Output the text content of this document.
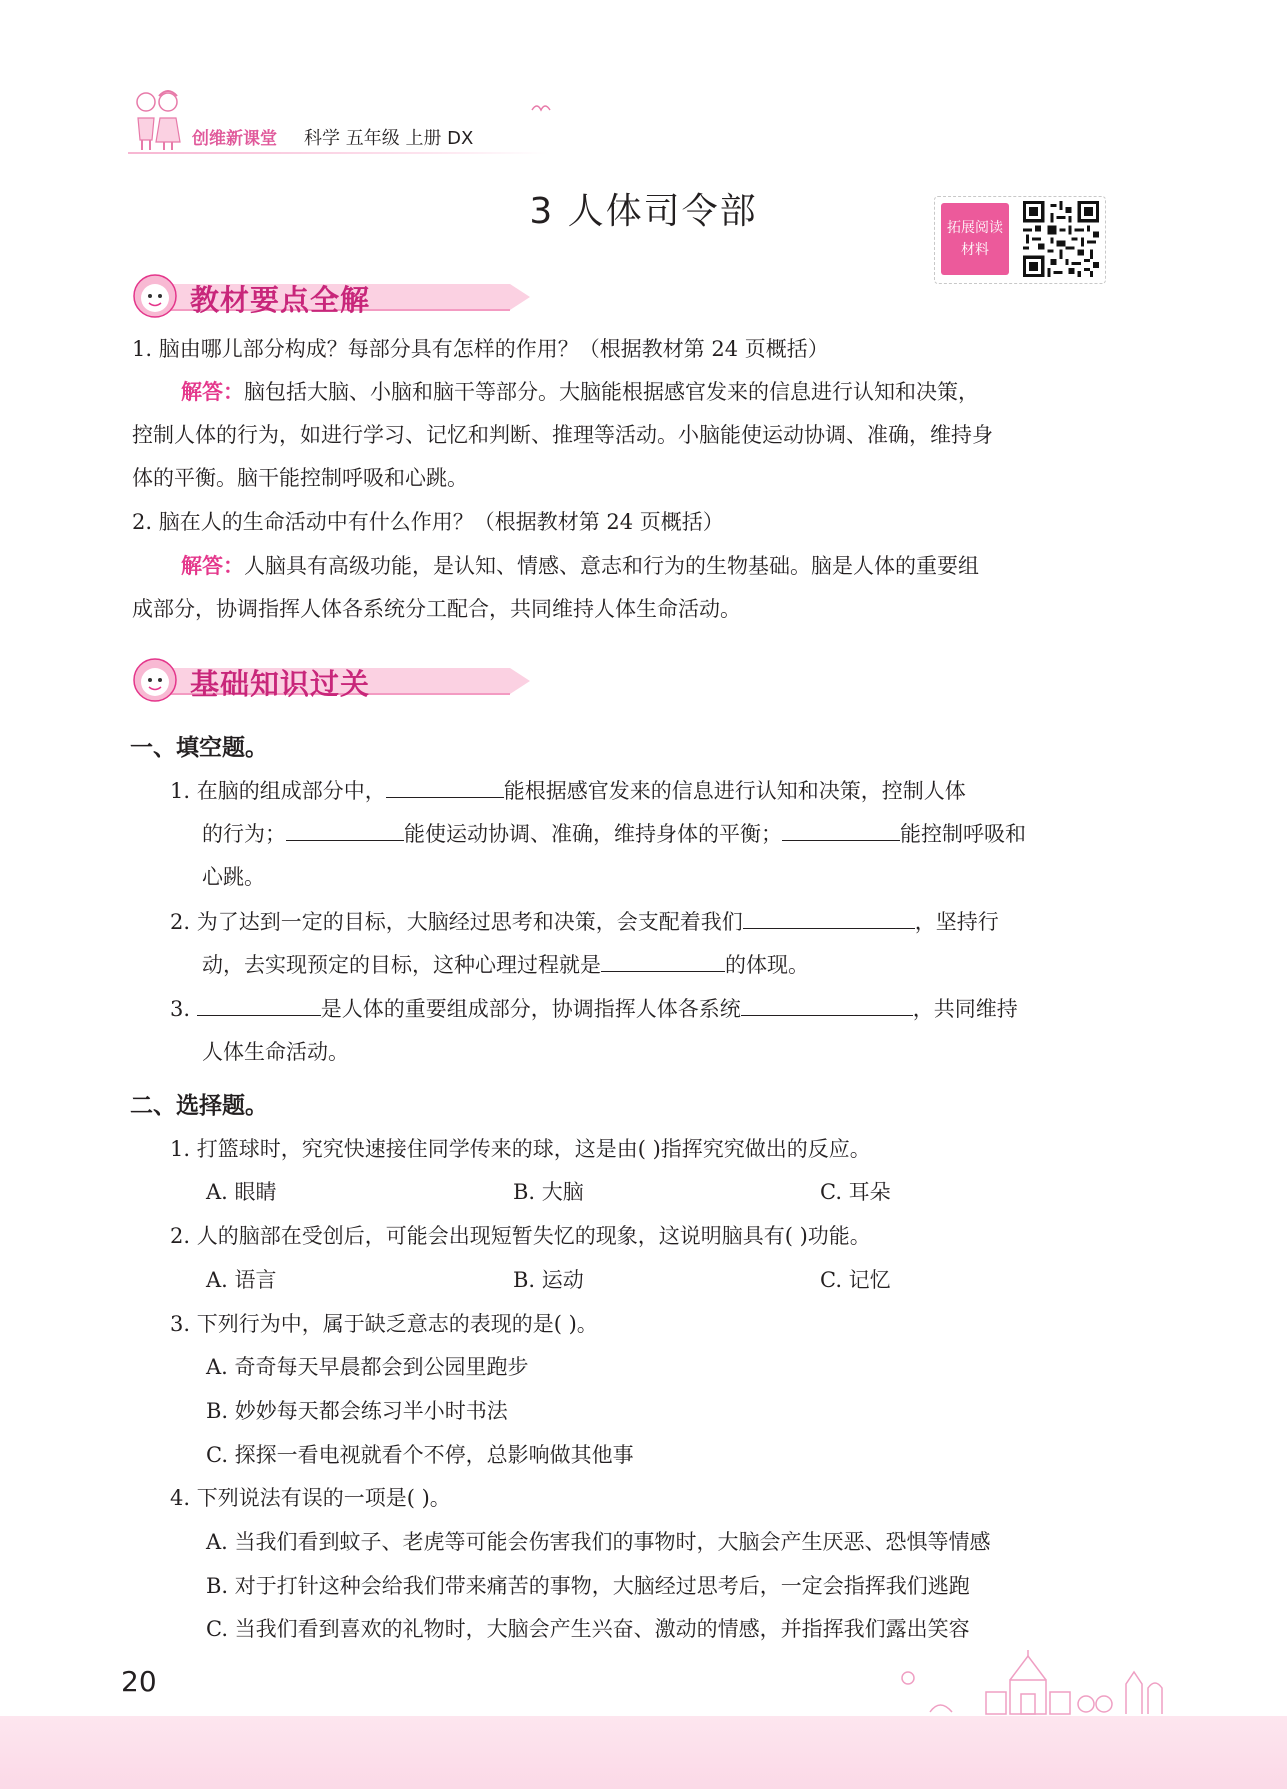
创维新课堂 科学 五年级 上册 DX
3 人体司令部	拓展阅读
材料
教材要点全解
1. 脑由哪儿部分构成？每部分具有怎样的作用？（根据教材第 24 页概括）
解答：脑包括大脑、小脑和脑干等部分。大脑能根据感官发来的信息进行认知和决策，
控制人体的行为，如进行学习、记忆和判断、推理等活动。小脑能使运动协调、准确，维持身
体的平衡。脑干能控制呼吸和心跳。
2. 脑在人的生命活动中有什么作用？（根据教材第 24 页概括）
解答：人脑具有高级功能，是认知、情感、意志和行为的生物基础。脑是人体的重要组
成部分，协调指挥人体各系统分工配合，共同维持人体生命活动。
基础知识过关
一、填空题。
1. 在脑的组成部分中，	能根据感官发来的信息进行认知和决策，控制人体
的行为；	能使运动协调、准确，维持身体的平衡；	能控制呼吸和
心跳。
2. 为了达到一定的目标，大脑经过思考和决策，会支配着我们	，坚持行
动，去实现预定的目标，这种心理过程就是	的体现。
3.	是人体的重要组成部分，协调指挥人体各系统	，共同维持
人体生命活动。
二、选择题。
1. 打篮球时，究究快速接住同学传来的球，这是由( )指挥究究做出的反应。
A. 眼睛	B. 大脑	C. 耳朵
2. 人的脑部在受创后，可能会出现短暂失忆的现象，这说明脑具有( )功能。
A. 语言	B. 运动	C. 记忆
3. 下列行为中，属于缺乏意志的表现的是( )。
A. 奇奇每天早晨都会到公园里跑步
B. 妙妙每天都会练习半小时书法
C. 探探一看电视就看个不停，总影响做其他事
4. 下列说法有误的一项是( )。
A. 当我们看到蚊子、老虎等可能会伤害我们的事物时，大脑会产生厌恶、恐惧等情感
B. 对于打针这种会给我们带来痛苦的事物，大脑经过思考后，一定会指挥我们逃跑
C. 当我们看到喜欢的礼物时，大脑会产生兴奋、激动的情感，并指挥我们露出笑容
20
